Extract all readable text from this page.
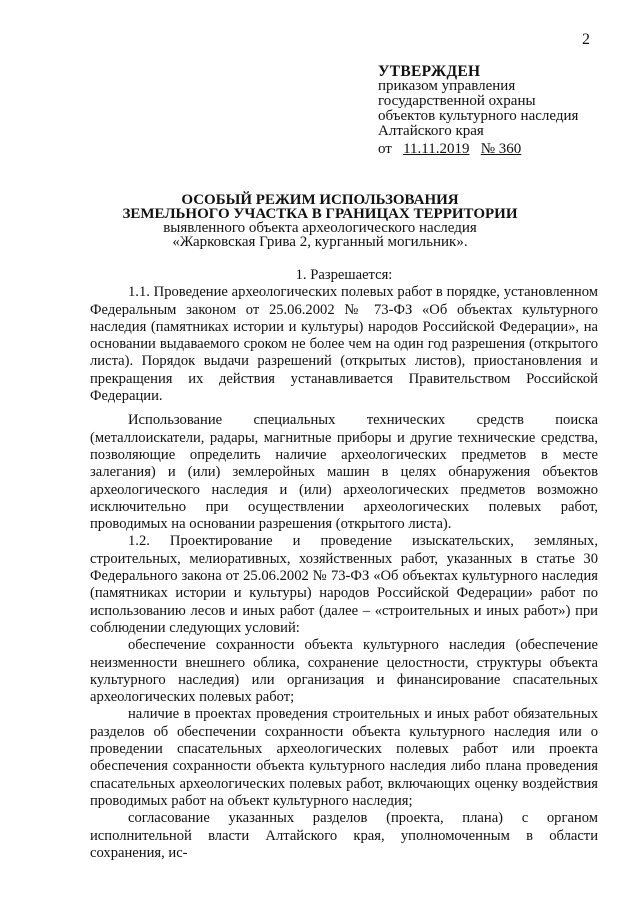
2
УТВЕРЖДЕН
приказом управления
государственной охраны
объектов культурного наследия
Алтайского края
от 11.11.2019 № 360
ОСОБЫЙ РЕЖИМ ИСПОЛЬЗОВАНИЯ
ЗЕМЕЛЬНОГО УЧАСТКА В ГРАНИЦАХ ТЕРРИТОРИИ
выявленного объекта археологического наследия
«Жарковская Грива 2, курганный могильник».

1. Разрешается:

1.1. Проведение археологических полевых работ в порядке, установленном Федеральным законом от 25.06.2002 № 73-ФЗ «Об объектах культурного наследия (памятниках истории и культуры) народов Российской Федерации», на основании выдаваемого сроком не более чем на один год разрешения (открытого листа). Порядок выдачи разрешений (открытых листов), приостановления и прекращения их действия устанавливается Правительством Российской Федерации.

Использование специальных технических средств поиска (металлоискатели, радары, магнитные приборы и другие технические средства, позволяющие определить наличие археологических предметов в месте залегания) и (или) землеройных машин в целях обнаружения объектов археологического наследия и (или) археологических предметов возможно исключительно при осуществлении археологических полевых работ, проводимых на основании разрешения (открытого листа).

1.2. Проектирование и проведение изыскательских, земляных, строительных, мелиоративных, хозяйственных работ, указанных в статье 30 Федерального закона от 25.06.2002 № 73-ФЗ «Об объектах культурного наследия (памятниках истории и культуры) народов Российской Федерации» работ по использованию лесов и иных работ (далее – «строительных и иных работ») при соблюдении следующих условий:

обеспечение сохранности объекта культурного наследия (обеспечение неизменности внешнего облика, сохранение целостности, структуры объекта культурного наследия) или организация и финансирование спасательных археологических полевых работ;

наличие в проектах проведения строительных и иных работ обязательных разделов об обеспечении сохранности объекта культурного наследия или о проведении спасательных археологических полевых работ или проекта обеспечения сохранности объекта культурного наследия либо плана проведения спасательных археологических полевых работ, включающих оценку воздействия проводимых работ на объект культурного наследия;

согласование указанных разделов (проекта, плана) с органом исполнительной власти Алтайского края, уполномоченным в области сохранения, ис-
